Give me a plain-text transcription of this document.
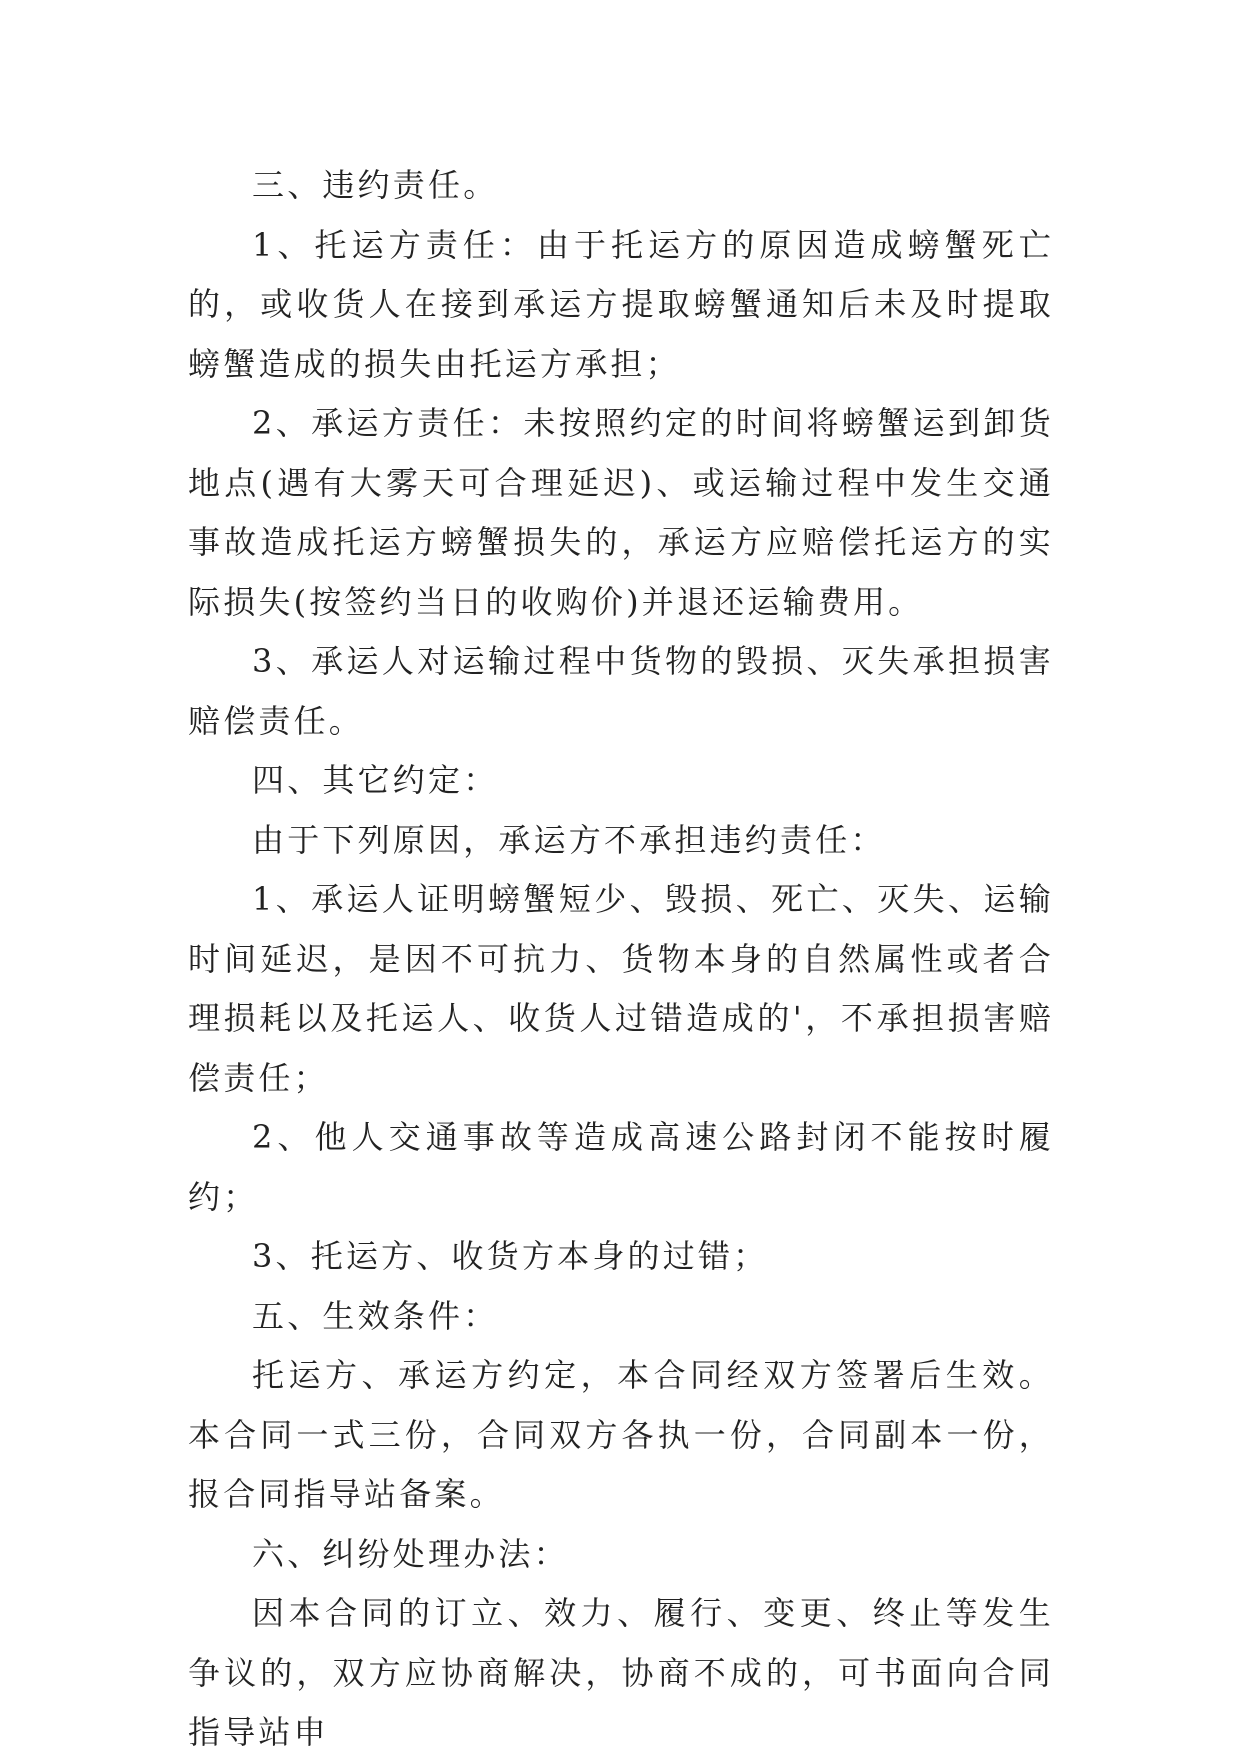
三、违约责任。

1、托运方责任：由于托运方的原因造成螃蟹死亡的，或收货人在接到承运方提取螃蟹通知后未及时提取螃蟹造成的损失由托运方承担；

2、承运方责任：未按照约定的时间将螃蟹运到卸货地点(遇有大雾天可合理延迟)、或运输过程中发生交通事故造成托运方螃蟹损失的，承运方应赔偿托运方的实际损失(按签约当日的收购价)并退还运输费用。

3、承运人对运输过程中货物的毁损、灭失承担损害赔偿责任。

四、其它约定：

由于下列原因，承运方不承担违约责任：

1、承运人证明螃蟹短少、毁损、死亡、灭失、运输时间延迟，是因不可抗力、货物本身的自然属性或者合理损耗以及托运人、收货人过错造成的'，不承担损害赔偿责任；

2、他人交通事故等造成高速公路封闭不能按时履约；

3、托运方、收货方本身的过错；

五、生效条件：

托运方、承运方约定，本合同经双方签署后生效。本合同一式三份，合同双方各执一份，合同副本一份，报合同指导站备案。

六、纠纷处理办法：

因本合同的订立、效力、履行、变更、终止等发生争议的，双方应协商解决，协商不成的，可书面向合同指导站申
